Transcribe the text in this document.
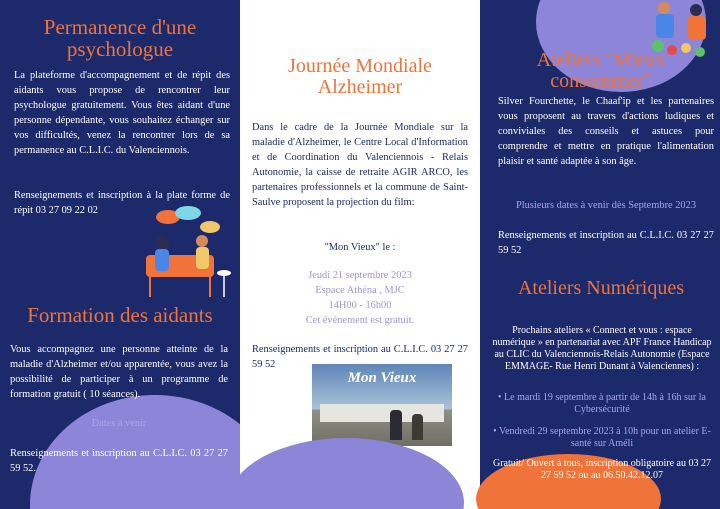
Permanence d'une psychologue

La plateforme d'accompagnement et de répit des aidants vous propose de rencontrer leur psychologue gratuitement. Vous êtes aidant d'une personne dépendante, vous souhaitez échanger sur vos difficultés, venez la rencontrer lors de sa permanence au C.L.I.C. du Valenciennois.

Renseignements et inscription à la plate forme de répit 03 27 09 22 02

Formation des aidants

Vous accompagnez une personne atteinte de la maladie d'Alzheimer et/ou apparentée, vous avez la possibilité de participer à un programme de formation gratuit ( 10 séances).

Dates à venir

Renseignements et inscription au C.L.I.C. 03 27 27 59 52.

Journée Mondiale Alzheimer

Dans le cadre de la Journée Mondiale sur la maladie d'Alzheimer, le Centre Local d'Information et de Coordination du Valenciennois - Relais Autonomie, la caisse de retraite AGIR ARCO, les partenaires professionnels et la commune de Saint-Saulve proposent la projection du film:

"Mon Vieux" le :

Jeudi 21 septembre 2023

Espace Athéna , MJC

14H00 - 16h00

Cet événement est gratuit.

Renseignements et inscription au C.L.I.C. 03 27 27 59 52

Mon Vieux
Ateliers "Mieux consommer"

Silver Fourchette, le Chaaf'ip et les partenaires vous proposent au travers d'actions ludiques et conviviales des conseils et astuces pour comprendre et mettre en pratique l'alimentation plaisir et santé adaptée à son âge.

Plusieurs dates à venir dès Septembre 2023

Renseignements et inscription au C.L.I.C. 03 27 27 59 52

Ateliers Numériques

Prochains ateliers « Connect et vous : espace numérique » en partenariat avec APF France Handicap au CLIC du Valenciennois-Relais Autonomie (Espace EMMAGE- Rue Henri Dunant à Valenciennes) :

• Le mardi 19 septembre à partir de 14h à 16h sur la Cybersécurité

• Vendredi 29 septembre 2023 à 10h pour un atelier E-santé sur Améli

Gratuit/ Ouvert à tous, inscription obligatoire au 03 27 27 59 52 ou au 06.50.42.12.07
